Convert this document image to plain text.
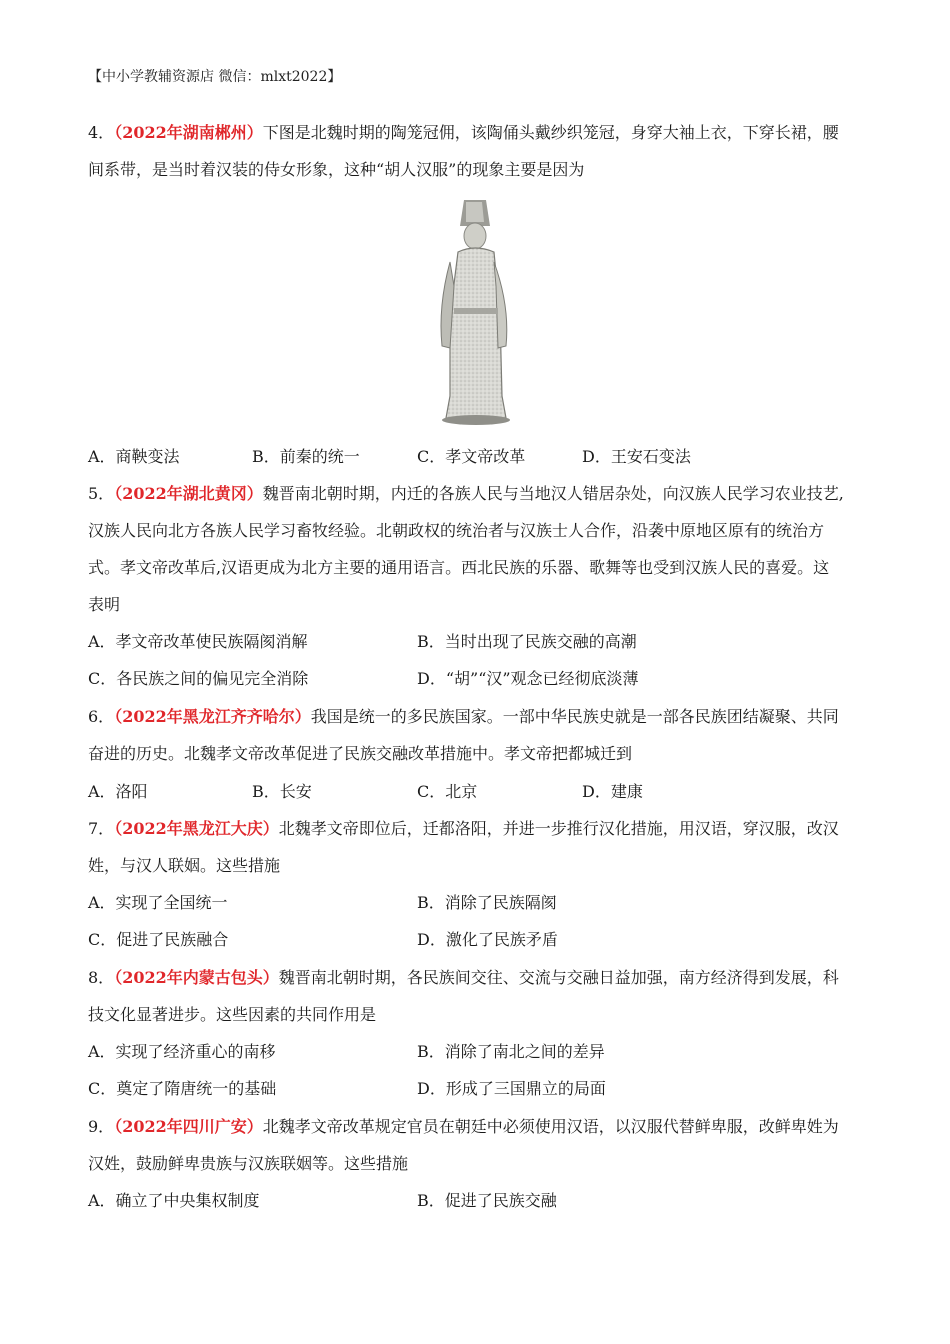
【中小学教辅资源店 微信：mlxt2022】
4．（2022年湖南郴州）下图是北魏时期的陶笼冠佣，该陶俑头戴纱织笼冠，身穿大袖上衣，下穿长裙，腰
间系带，是当时着汉装的侍女形象，这种“胡人汉服”的现象主要是因为
A．商鞅变法	B．前秦的统一	C．孝文帝改革	D．王安石变法
5．（2022年湖北黄冈）魏晋南北朝时期，内迁的各族人民与当地汉人错居杂处，向汉族人民学习农业技艺,
汉族人民向北方各族人民学习畜牧经验。北朝政权的统治者与汉族士人合作，沿袭中原地区原有的统治方
式。孝文帝改革后,汉语更成为北方主要的通用语言。西北民族的乐器、歌舞等也受到汉族人民的喜爱。这
表明
A．孝文帝改革使民族隔阂消解	B．当时出现了民族交融的高潮
C．各民族之间的偏见完全消除	D．“胡”“汉”观念已经彻底淡薄
6．（2022年黑龙江齐齐哈尔）我国是统一的多民族国家。一部中华民族史就是一部各民族团结凝聚、共同
奋进的历史。北魏孝文帝改革促进了民族交融改革措施中。孝文帝把都城迁到
A．洛阳	B．长安	C．北京	D．建康
7．（2022年黑龙江大庆）北魏孝文帝即位后，迁都洛阳，并进一步推行汉化措施，用汉语，穿汉服，改汉
姓，与汉人联姻。这些措施
A．实现了全国统一	B．消除了民族隔阂
C．促进了民族融合	D．激化了民族矛盾
8．（2022年内蒙古包头）魏晋南北朝时期，各民族间交往、交流与交融日益加强，南方经济得到发展，科
技文化显著进步。这些因素的共同作用是
A．实现了经济重心的南移	B．消除了南北之间的差异
C．奠定了隋唐统一的基础	D．形成了三国鼎立的局面
9．（2022年四川广安）北魏孝文帝改革规定官员在朝廷中必须使用汉语，以汉服代替鲜卑服，改鲜卑姓为
汉姓，鼓励鲜卑贵族与汉族联姻等。这些措施
A．确立了中央集权制度	B．促进了民族交融
